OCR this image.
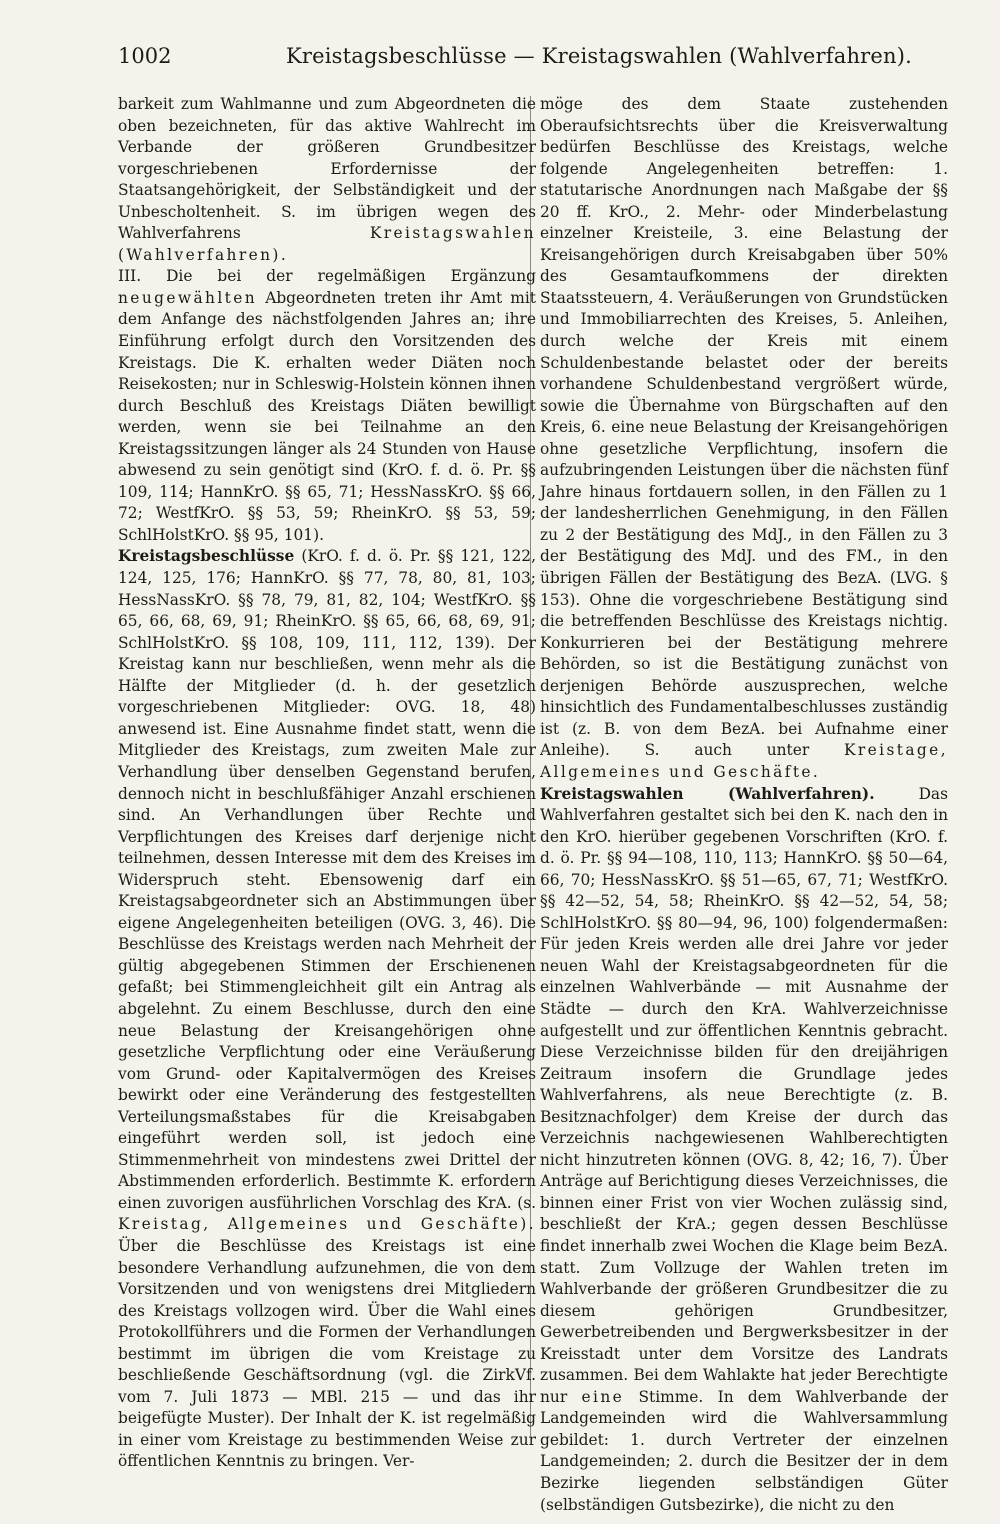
1002	Kreistagsbeschlüsse — Kreistagswahlen (Wahlverfahren).

barkeit zum Wahlmanne und zum Abgeordneten die oben bezeichneten, für das aktive Wahlrecht im Verbande der größeren Grundbesitzer vorgeschriebenen Erfordernisse der Staatsangehörigkeit, der Selbständigkeit und der Unbescholtenheit. S. im übrigen wegen des Wahlverfahrens	Kreistagswahlen (Wahlverfahren).

III. Die bei der regelmäßigen Ergänzung neugewählten Abgeordneten treten ihr Amt mit dem Anfange des nächstfolgenden Jahres an; ihre Einführung erfolgt durch den Vorsitzenden des Kreistags. Die K. erhalten weder Diäten noch Reisekosten; nur in Schleswig-Holstein können ihnen durch Beschluß des Kreistags Diäten bewilligt werden, wenn sie bei Teilnahme an den Kreistagssitzungen länger als 24 Stunden von Hause abwesend zu sein genötigt sind (KrO. f. d. ö. Pr. §§ 109, 114; HannKrO. §§ 65, 71; HessNassKrO. §§ 66, 72; WestfKrO. §§ 53, 59; RheinKrO. §§ 53, 59; SchlHolstKrO. §§ 95, 101).

Kreistagsbeschlüsse (KrO. f. d. ö. Pr. §§ 121, 122, 124, 125, 176; HannKrO. §§ 77, 78, 80, 81, 103; HessNassKrO. §§ 78, 79, 81, 82, 104; WestfKrO. §§ 65, 66, 68, 69, 91; RheinKrO. §§ 65, 66, 68, 69, 91; SchlHolstKrO. §§ 108, 109, 111, 112, 139). Der Kreistag kann nur beschließen, wenn mehr als die Hälfte der Mitglieder (d. h. der gesetzlich vorgeschriebenen Mitglieder: OVG. 18, 48) anwesend ist. Eine Ausnahme findet statt, wenn die Mitglieder des Kreistags, zum zweiten Male zur Verhandlung über denselben Gegenstand berufen, dennoch nicht in beschlußfähiger Anzahl erschienen sind. An Verhandlungen über Rechte und Verpflichtungen des Kreises darf derjenige nicht teilnehmen, dessen Interesse mit dem des Kreises im Widerspruch steht. Ebensowenig darf ein Kreistagsabgeordneter sich an Abstimmungen über eigene Angelegenheiten beteiligen (OVG. 3, 46). Die Beschlüsse des Kreistags werden nach Mehrheit der gültig abgegebenen Stimmen der Erschienenen gefaßt; bei Stimmengleichheit gilt ein Antrag als abgelehnt. Zu einem Beschlusse, durch den eine neue Belastung der Kreisangehörigen ohne gesetzliche Verpflichtung oder eine Veräußerung vom Grund- oder Kapitalvermögen des Kreises bewirkt oder eine Veränderung des festgestellten Verteilungsmaßstabes für die Kreisabgaben eingeführt werden soll, ist jedoch eine Stimmenmehrheit von mindestens zwei Drittel der Abstimmenden erforderlich. Bestimmte K. erfordern einen zuvorigen ausführlichen Vorschlag des KrA. (s. Kreistag, Allgemeines und Geschäfte). Über die Beschlüsse des Kreistags ist eine besondere Verhandlung aufzunehmen, die von dem Vorsitzenden und von wenigstens drei Mitgliedern des Kreistags vollzogen wird. Über die Wahl eines Protokollführers und die Formen der Verhandlungen bestimmt im übrigen die vom Kreistage zu beschließende Geschäftsordnung (vgl. die ZirkVf. vom 7. Juli 1873 — MBl. 215 — und das ihr beigefügte Muster). Der Inhalt der K. ist regelmäßig in einer vom Kreistage zu bestimmenden Weise zur öffentlichen Kenntnis zu bringen. Ver-

möge des dem Staate zustehenden Oberaufsichtsrechts über die Kreisverwaltung bedürfen Beschlüsse des Kreistags, welche folgende Angelegenheiten betreffen: 1. statutarische Anordnungen nach Maßgabe der §§ 20 ff. KrO., 2. Mehr- oder Minderbelastung einzelner Kreisteile, 3. eine Belastung der Kreisangehörigen durch Kreisabgaben über 50% des Gesamtaufkommens der direkten Staatssteuern, 4. Veräußerungen von Grundstücken und Immobiliarrechten des Kreises, 5. Anleihen, durch welche der Kreis mit einem Schuldenbestande belastet oder der bereits vorhandene Schuldenbestand vergrößert würde, sowie die Übernahme von Bürgschaften auf den Kreis, 6. eine neue Belastung der Kreisangehörigen ohne gesetzliche Verpflichtung, insofern die aufzubringenden Leistungen über die nächsten fünf Jahre hinaus fortdauern sollen, in den Fällen zu 1 der landesherrlichen Genehmigung, in den Fällen zu 2 der Bestätigung des MdJ., in den Fällen zu 3 der Bestätigung des MdJ. und des FM., in den übrigen Fällen der Bestätigung des BezA. (LVG. § 153). Ohne die vorgeschriebene Bestätigung sind die betreffenden Beschlüsse des Kreistags nichtig. Konkurrieren bei der Bestätigung mehrere Behörden, so ist die Bestätigung zunächst von derjenigen Behörde auszusprechen, welche hinsichtlich des Fundamentalbeschlusses zuständig ist (z. B. von dem BezA. bei Aufnahme einer Anleihe). S. auch unter Kreistage, Allgemeines und Geschäfte.

Kreistagswahlen (Wahlverfahren).	Das Wahlverfahren gestaltet sich bei den K. nach den in den KrO. hierüber gegebenen Vorschriften (KrO. f. d. ö. Pr. §§ 94—108, 110, 113; HannKrO. §§ 50—64, 66, 70; HessNassKrO. §§ 51—65, 67, 71; WestfKrO. §§ 42—52, 54, 58; RheinKrO. §§ 42—52, 54, 58; SchlHolstKrO. §§ 80—94, 96, 100) folgendermaßen: Für jeden Kreis werden alle drei Jahre vor jeder neuen Wahl der Kreistagsabgeordneten für die einzelnen Wahlverbände — mit Ausnahme der Städte — durch den KrA. Wahlverzeichnisse aufgestellt und zur öffentlichen Kenntnis gebracht. Diese Verzeichnisse bilden für den dreijährigen Zeitraum insofern die Grundlage jedes Wahlverfahrens, als neue Berechtigte (z. B. Besitznachfolger) dem Kreise der durch das Verzeichnis nachgewiesenen Wahlberechtigten nicht hinzutreten können (OVG. 8, 42; 16, 7). Über Anträge auf Berichtigung dieses Verzeichnisses, die binnen einer Frist von vier Wochen zulässig sind, beschließt der KrA.; gegen dessen Beschlüsse findet innerhalb zwei Wochen die Klage beim BezA. statt. Zum Vollzuge der Wahlen treten im Wahlverbande der größeren Grundbesitzer die zu diesem gehörigen Grundbesitzer, Gewerbetreibenden und Bergwerksbesitzer in der Kreisstadt unter dem Vorsitze des Landrats zusammen. Bei dem Wahlakte hat jeder Berechtigte nur eine Stimme. In dem Wahlverbande der Landgemeinden wird die Wahlversammlung gebildet: 1. durch Vertreter der einzelnen Landgemeinden; 2. durch die Besitzer der in dem Bezirke liegenden selbständigen Güter (selbständigen Gutsbezirke), die nicht zu den
